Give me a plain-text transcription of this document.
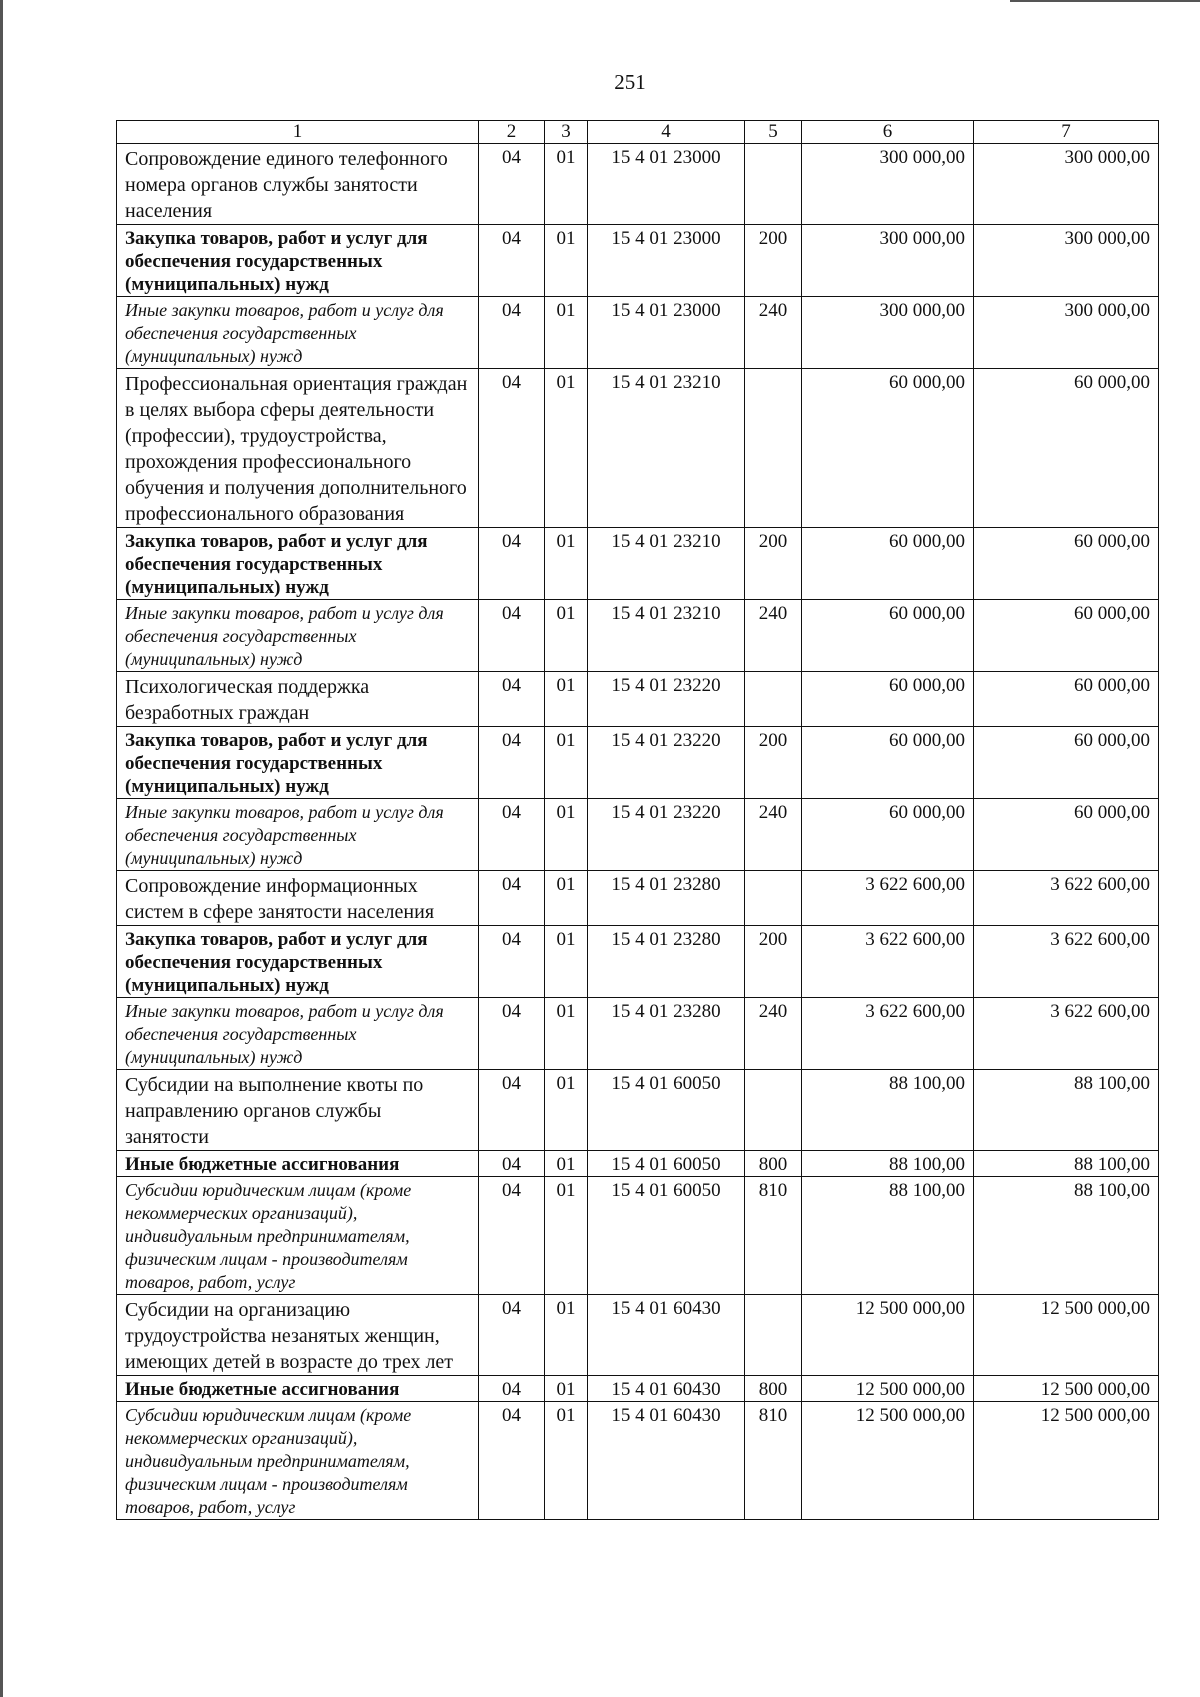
251
1	2	3	4	5	6	7
Сопровождение единого телефонного номера органов службы занятости населения	04	01	15 4 01 23000		300 000,00	300 000,00
Закупка товаров, работ и услуг для обеспечения государственных (муниципальных) нужд	04	01	15 4 01 23000	200	300 000,00	300 000,00
Иные закупки товаров, работ и услуг для обеспечения государственных (муниципальных) нужд	04	01	15 4 01 23000	240	300 000,00	300 000,00
Профессиональная ориентация граждан в целях выбора сферы деятельности (профессии), трудоустройства, прохождения профессионального обучения и получения дополнительного профессионального образования	04	01	15 4 01 23210		60 000,00	60 000,00
Закупка товаров, работ и услуг для обеспечения государственных (муниципальных) нужд	04	01	15 4 01 23210	200	60 000,00	60 000,00
Иные закупки товаров, работ и услуг для обеспечения государственных (муниципальных) нужд	04	01	15 4 01 23210	240	60 000,00	60 000,00
Психологическая поддержка безработных граждан	04	01	15 4 01 23220		60 000,00	60 000,00
Закупка товаров, работ и услуг для обеспечения государственных (муниципальных) нужд	04	01	15 4 01 23220	200	60 000,00	60 000,00
Иные закупки товаров, работ и услуг для обеспечения государственных (муниципальных) нужд	04	01	15 4 01 23220	240	60 000,00	60 000,00
Сопровождение информационных систем в сфере занятости населения	04	01	15 4 01 23280		3 622 600,00	3 622 600,00
Закупка товаров, работ и услуг для обеспечения государственных (муниципальных) нужд	04	01	15 4 01 23280	200	3 622 600,00	3 622 600,00
Иные закупки товаров, работ и услуг для обеспечения государственных (муниципальных) нужд	04	01	15 4 01 23280	240	3 622 600,00	3 622 600,00
Субсидии на выполнение квоты по направлению органов службы занятости	04	01	15 4 01 60050		88 100,00	88 100,00
Иные бюджетные ассигнования	04	01	15 4 01 60050	800	88 100,00	88 100,00
Субсидии юридическим лицам (кроме некоммерческих организаций), индивидуальным предпринимателям, физическим лицам - производителям товаров, работ, услуг	04	01	15 4 01 60050	810	88 100,00	88 100,00
Субсидии на организацию трудоустройства незанятых женщин, имеющих детей в возрасте до трех лет	04	01	15 4 01 60430		12 500 000,00	12 500 000,00
Иные бюджетные ассигнования	04	01	15 4 01 60430	800	12 500 000,00	12 500 000,00
Субсидии юридическим лицам (кроме некоммерческих организаций), индивидуальным предпринимателям, физическим лицам - производителям товаров, работ, услуг	04	01	15 4 01 60430	810	12 500 000,00	12 500 000,00
